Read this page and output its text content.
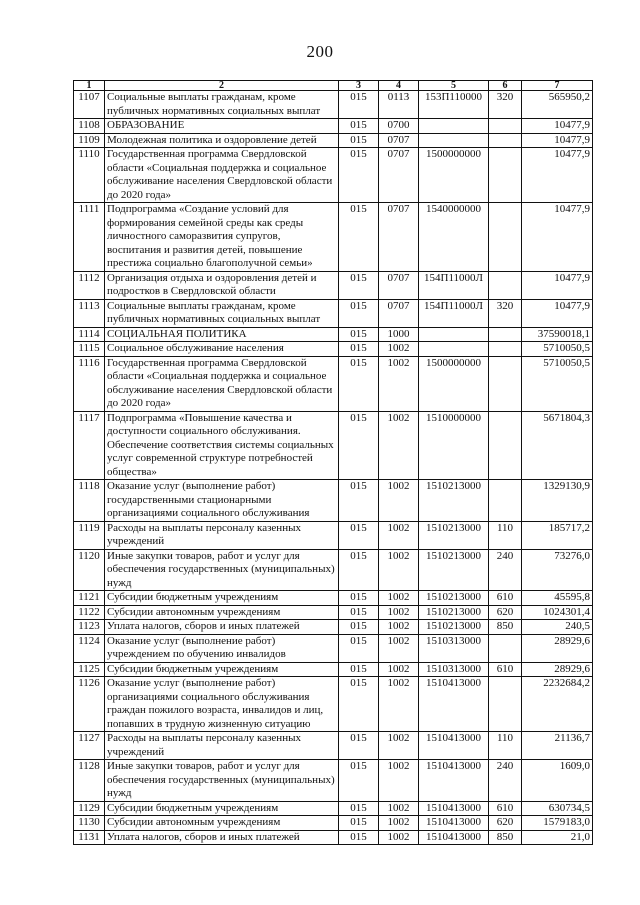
200
1	2	3	4	5	6	7
1107	Социальные выплаты гражданам, кроме публичных нормативных социальных выплат	015	0113	153П110000	320	565950,2
1108	ОБРАЗОВАНИЕ	015	0700			10477,9
1109	Молодежная политика и оздоровление детей	015	0707			10477,9
1110	Государственная программа Свердловской области «Социальная поддержка и социальное обслуживание населения Свердловской области до 2020 года»	015	0707	1500000000		10477,9
1111	Подпрограмма «Создание условий для формирования семейной среды как среды личностного саморазвития супругов, воспитания и развития детей, повышение престижа социально благополучной семьи»	015	0707	1540000000		10477,9
1112	Организация отдыха и оздоровления детей и подростков в Свердловской области	015	0707	154П11000Л		10477,9
1113	Социальные выплаты гражданам, кроме публичных нормативных социальных выплат	015	0707	154П11000Л	320	10477,9
1114	СОЦИАЛЬНАЯ ПОЛИТИКА	015	1000			37590018,1
1115	Социальное обслуживание населения	015	1002			5710050,5
1116	Государственная программа Свердловской области «Социальная поддержка и социальное обслуживание населения Свердловской области до 2020 года»	015	1002	1500000000		5710050,5
1117	Подпрограмма «Повышение качества и доступности социального обслуживания. Обеспечение соответствия системы социальных услуг современной структуре потребностей общества»	015	1002	1510000000		5671804,3
1118	Оказание услуг (выполнение работ) государственными стационарными организациями социального обслуживания	015	1002	1510213000		1329130,9
1119	Расходы на выплаты персоналу казенных учреждений	015	1002	1510213000	110	185717,2
1120	Иные закупки товаров, работ и услуг для обеспечения государственных (муниципальных) нужд	015	1002	1510213000	240	73276,0
1121	Субсидии бюджетным учреждениям	015	1002	1510213000	610	45595,8
1122	Субсидии автономным учреждениям	015	1002	1510213000	620	1024301,4
1123	Уплата налогов, сборов и иных платежей	015	1002	1510213000	850	240,5
1124	Оказание услуг (выполнение работ) учреждением по обучению инвалидов	015	1002	1510313000		28929,6
1125	Субсидии бюджетным учреждениям	015	1002	1510313000	610	28929,6
1126	Оказание услуг (выполнение работ) организациями социального обслуживания граждан пожилого возраста, инвалидов и лиц, попавших в трудную жизненную ситуацию	015	1002	1510413000		2232684,2
1127	Расходы на выплаты персоналу казенных учреждений	015	1002	1510413000	110	21136,7
1128	Иные закупки товаров, работ и услуг для обеспечения государственных (муниципальных) нужд	015	1002	1510413000	240	1609,0
1129	Субсидии бюджетным учреждениям	015	1002	1510413000	610	630734,5
1130	Субсидии автономным учреждениям	015	1002	1510413000	620	1579183,0
1131	Уплата налогов, сборов и иных платежей	015	1002	1510413000	850	21,0
